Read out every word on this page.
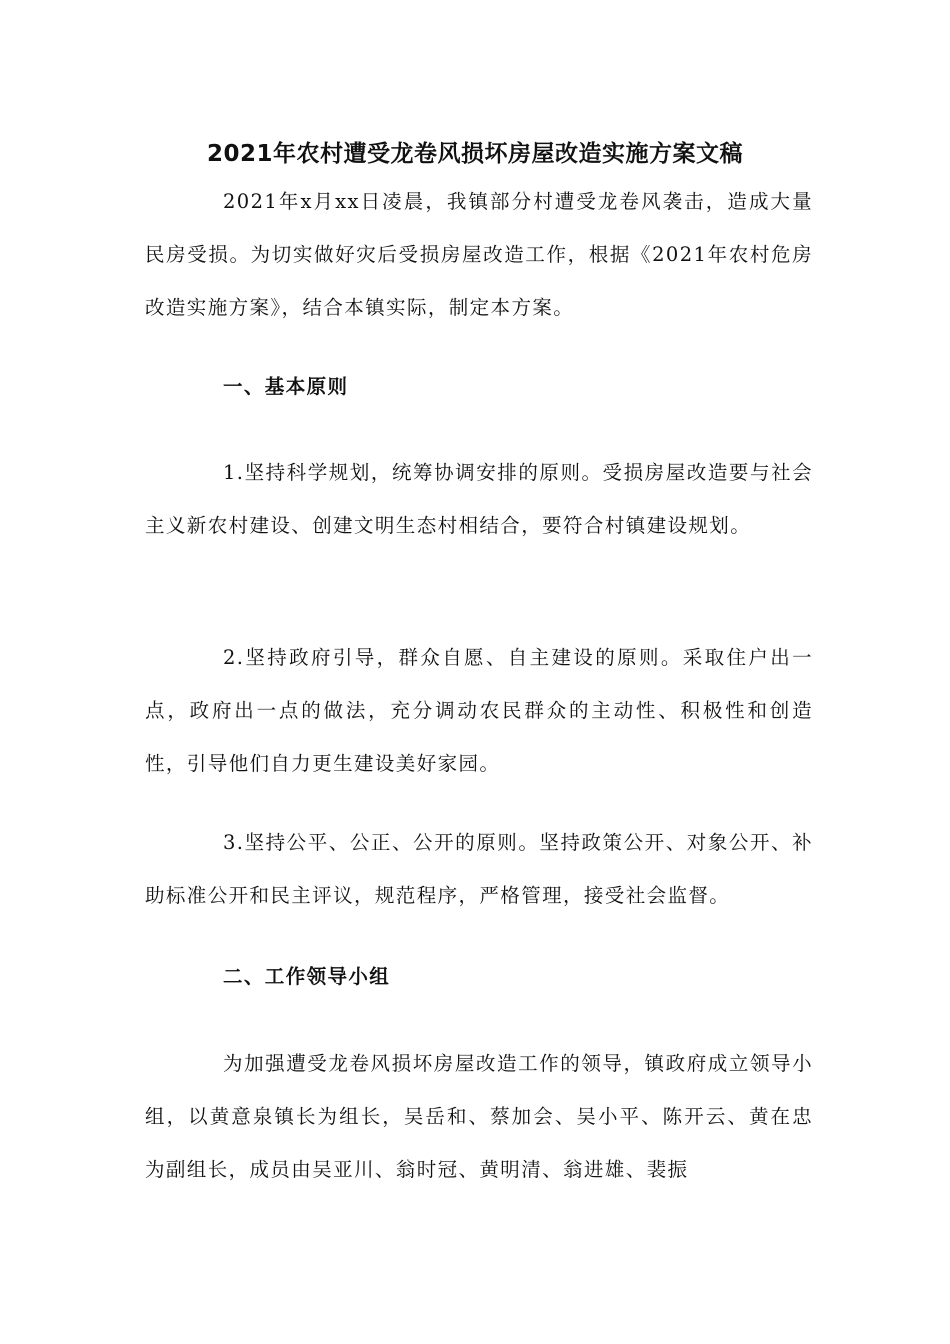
2021年农村遭受龙卷风损坏房屋改造实施方案文稿

2021年x月xx日凌晨，我镇部分村遭受龙卷风袭击，造成大量民房受损。为切实做好灾后受损房屋改造工作，根据《2021年农村危房改造实施方案》，结合本镇实际，制定本方案。

一、基本原则

1.坚持科学规划，统筹协调安排的原则。受损房屋改造要与社会主义新农村建设、创建文明生态村相结合，要符合村镇建设规划。

2.坚持政府引导，群众自愿、自主建设的原则。采取住户出一点，政府出一点的做法，充分调动农民群众的主动性、积极性和创造性，引导他们自力更生建设美好家园。

3.坚持公平、公正、公开的原则。坚持政策公开、对象公开、补助标准公开和民主评议，规范程序，严格管理，接受社会监督。

二、工作领导小组

为加强遭受龙卷风损坏房屋改造工作的领导，镇政府成立领导小组，以黄意泉镇长为组长，吴岳和、蔡加会、吴小平、陈开云、黄在忠为副组长，成员由吴亚川、翁时冠、黄明清、翁进雄、裴振
